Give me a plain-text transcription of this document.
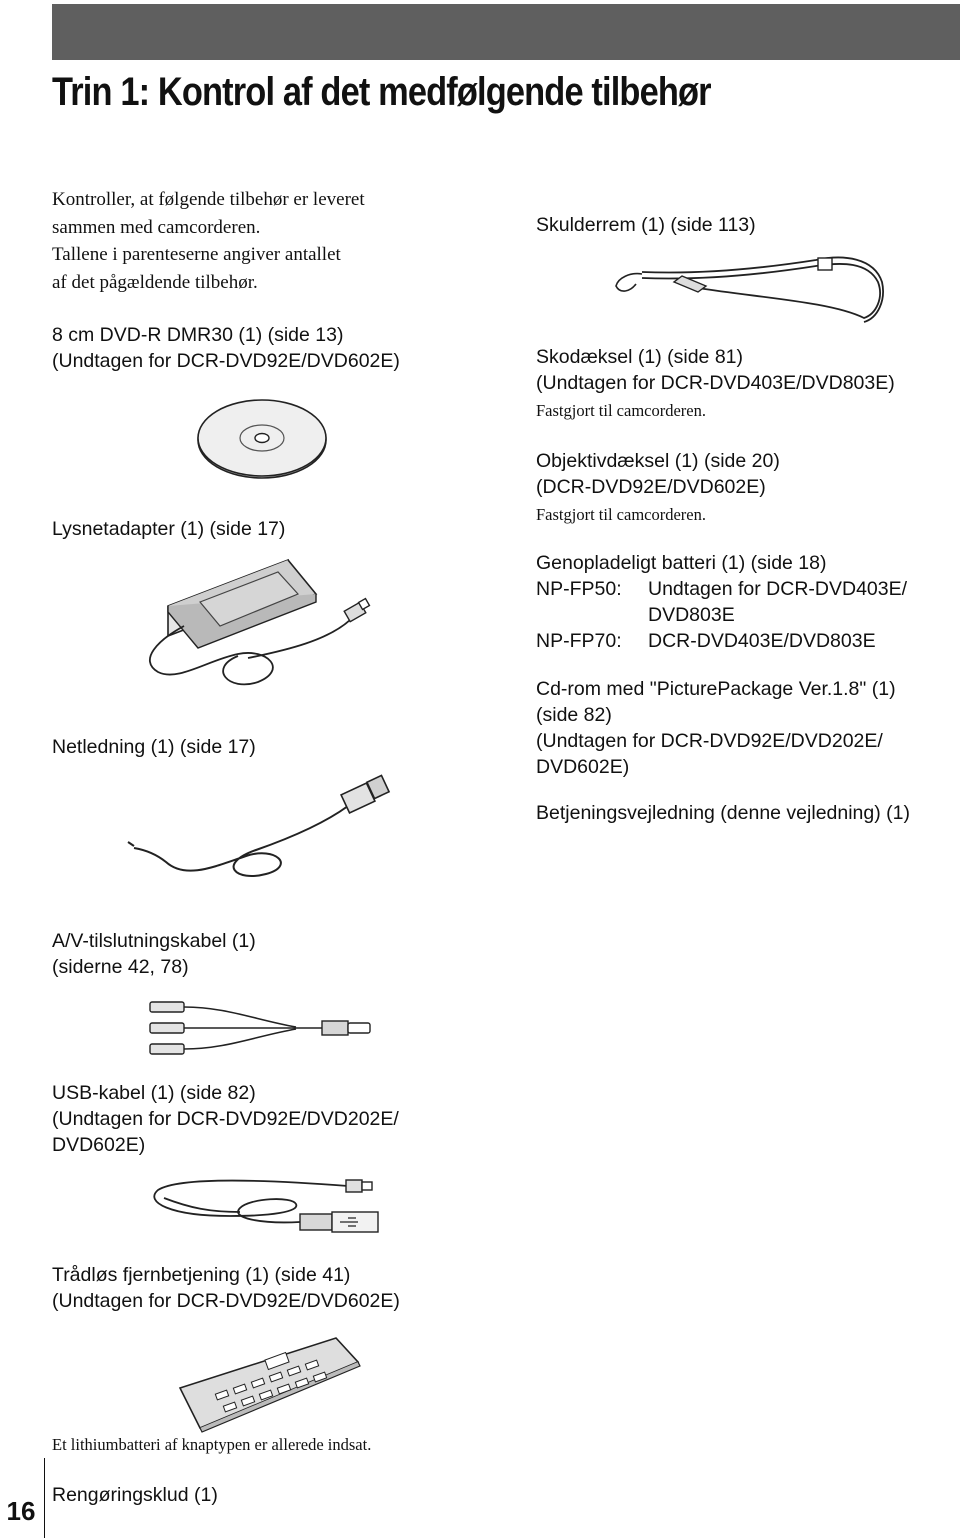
Trin 1: Kontrol af det medfølgende tilbehør
Kontroller, at følgende tilbehør er leveret
sammen med camcorderen.
Tallene i parenteserne angiver antallet
af det pågældende tilbehør.
8 cm DVD-R DMR30 (1) (side 13)
(Undtagen for DCR-DVD92E/DVD602E)
Lysnetadapter (1) (side 17)
Netledning (1) (side 17)
A/V-tilslutningskabel (1)
(siderne 42, 78)
USB-kabel (1) (side 82)
(Undtagen for DCR-DVD92E/DVD202E/
DVD602E)
Trådløs fjernbetjening (1) (side 41)
(Undtagen for DCR-DVD92E/DVD602E)
Et lithiumbatteri af knaptypen er allerede indsat.
Rengøringsklud (1)
Skulderrem (1) (side 113)
Skodæksel (1) (side 81)
(Undtagen for DCR-DVD403E/DVD803E)
Fastgjort til camcorderen.
Objektivdæksel (1) (side 20)
(DCR-DVD92E/DVD602E)
Fastgjort til camcorderen.
Genopladeligt batteri (1) (side 18)
NP-FP50:	Undtagen for DCR-DVD403E/
DVD803E
NP-FP70:	DCR-DVD403E/DVD803E
Cd-rom med "PicturePackage Ver.1.8" (1)
(side 82)
(Undtagen for DCR-DVD92E/DVD202E/
DVD602E)
Betjeningsvejledning (denne vejledning) (1)
16
